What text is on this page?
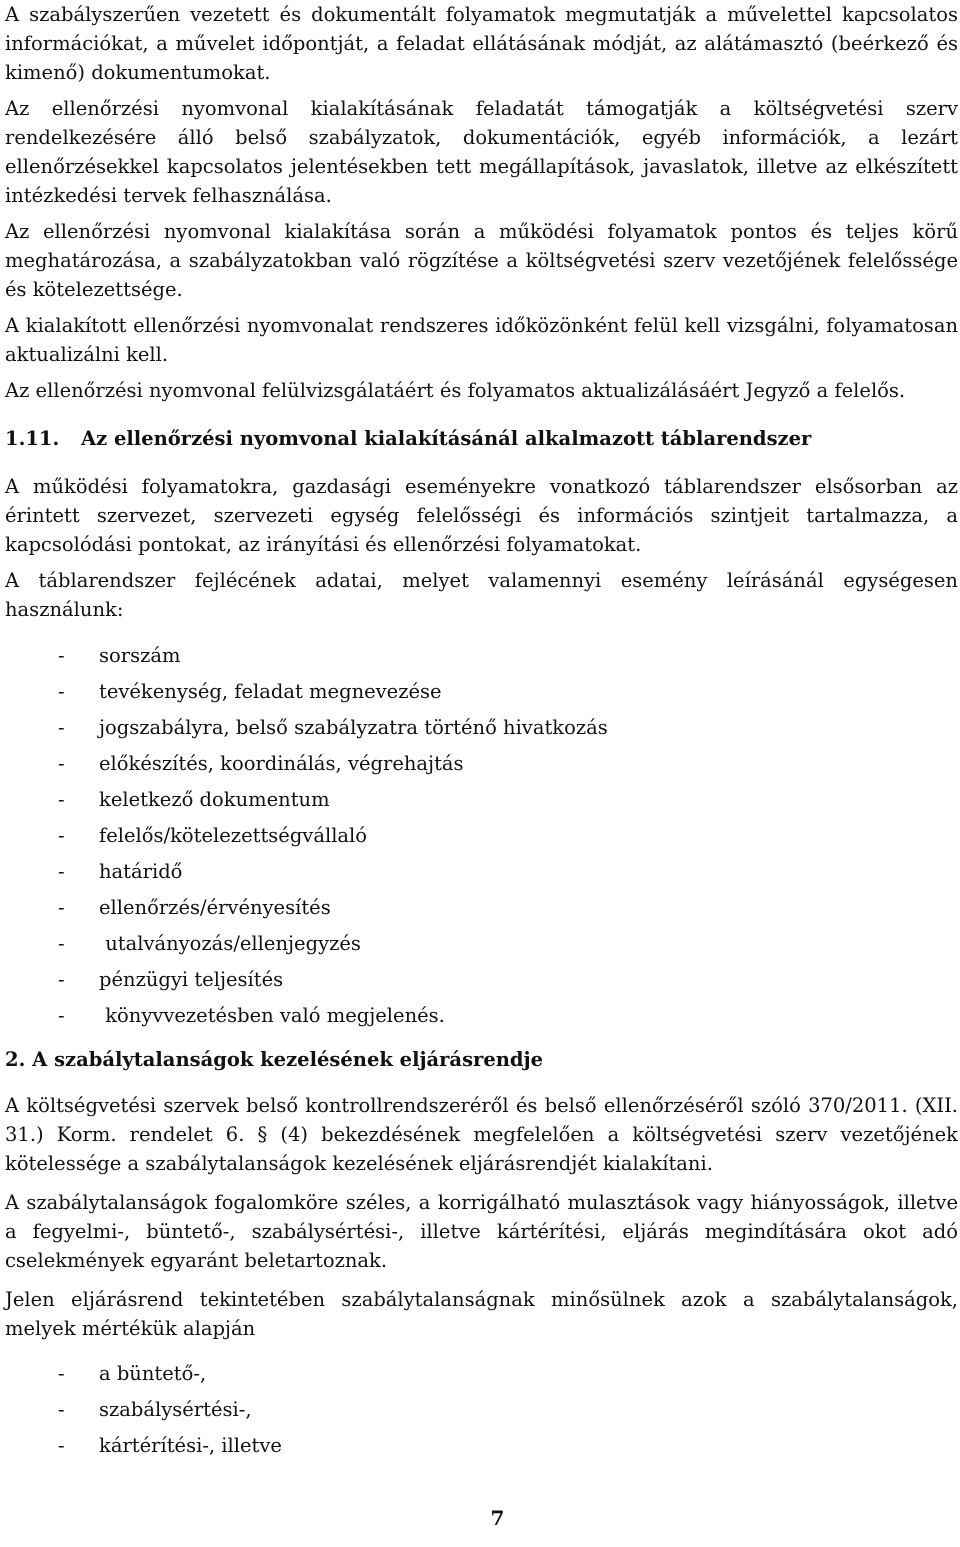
A szabályszerűen vezetett és dokumentált folyamatok megmutatják a művelettel kapcsolatos információkat, a művelet időpontját, a feladat ellátásának módját, az alátámasztó (beérkező és kimenő) dokumentumokat.

Az ellenőrzési nyomvonal kialakításának feladatát támogatják a költségvetési szerv rendelkezésére álló belső szabályzatok, dokumentációk, egyéb információk, a lezárt ellenőrzésekkel kapcsolatos jelentésekben tett megállapítások, javaslatok, illetve az elkészített intézkedési tervek felhasználása.

Az ellenőrzési nyomvonal kialakítása során a működési folyamatok pontos és teljes körű meghatározása, a szabályzatokban való rögzítése a költségvetési szerv vezetőjének felelőssége és kötelezettsége.

A kialakított ellenőrzési nyomvonalat rendszeres időközönként felül kell vizsgálni, folyamatosan aktualizálni kell.

Az ellenőrzési nyomvonal felülvizsgálatáért és folyamatos aktualizálásáért Jegyző a felelős.

1.11. Az ellenőrzési nyomvonal kialakításánál alkalmazott táblarendszer

A működési folyamatokra, gazdasági eseményekre vonatkozó táblarendszer elsősorban az érintett szervezet, szervezeti egység felelősségi és információs szintjeit tartalmazza, a kapcsolódási pontokat, az irányítási és ellenőrzési folyamatokat.

A táblarendszer fejlécének adatai, melyet valamennyi esemény leírásánál egységesen használunk:

- sorszám
- tevékenység, feladat megnevezése
- jogszabályra, belső szabályzatra történő hivatkozás
- előkészítés, koordinálás, végrehajtás
- keletkező dokumentum
- felelős/kötelezettségvállaló
- határidő
- ellenőrzés/érvényesítés
- utalványozás/ellenjegyzés
- pénzügyi teljesítés
- könyvvezetésben való megjelenés.
2. A szabálytalanságok kezelésének eljárásrendje

A költségvetési szervek belső kontrollrendszeréről és belső ellenőrzéséről szóló 370/2011. (XII. 31.) Korm. rendelet 6. § (4) bekezdésének megfelelően a költségvetési szerv vezetőjének kötelessége a szabálytalanságok kezelésének eljárásrendjét kialakítani.

A szabálytalanságok fogalomköre széles, a korrigálható mulasztások vagy hiányosságok, illetve a fegyelmi-, büntető-, szabálysértési-, illetve kártérítési, eljárás megindítására okot adó cselekmények egyaránt beletartoznak.

Jelen eljárásrend tekintetében szabálytalanságnak minősülnek azok a szabálytalanságok, melyek mértékük alapján

- a büntető-,
- szabálysértési-,
- kártérítési-, illetve
7
